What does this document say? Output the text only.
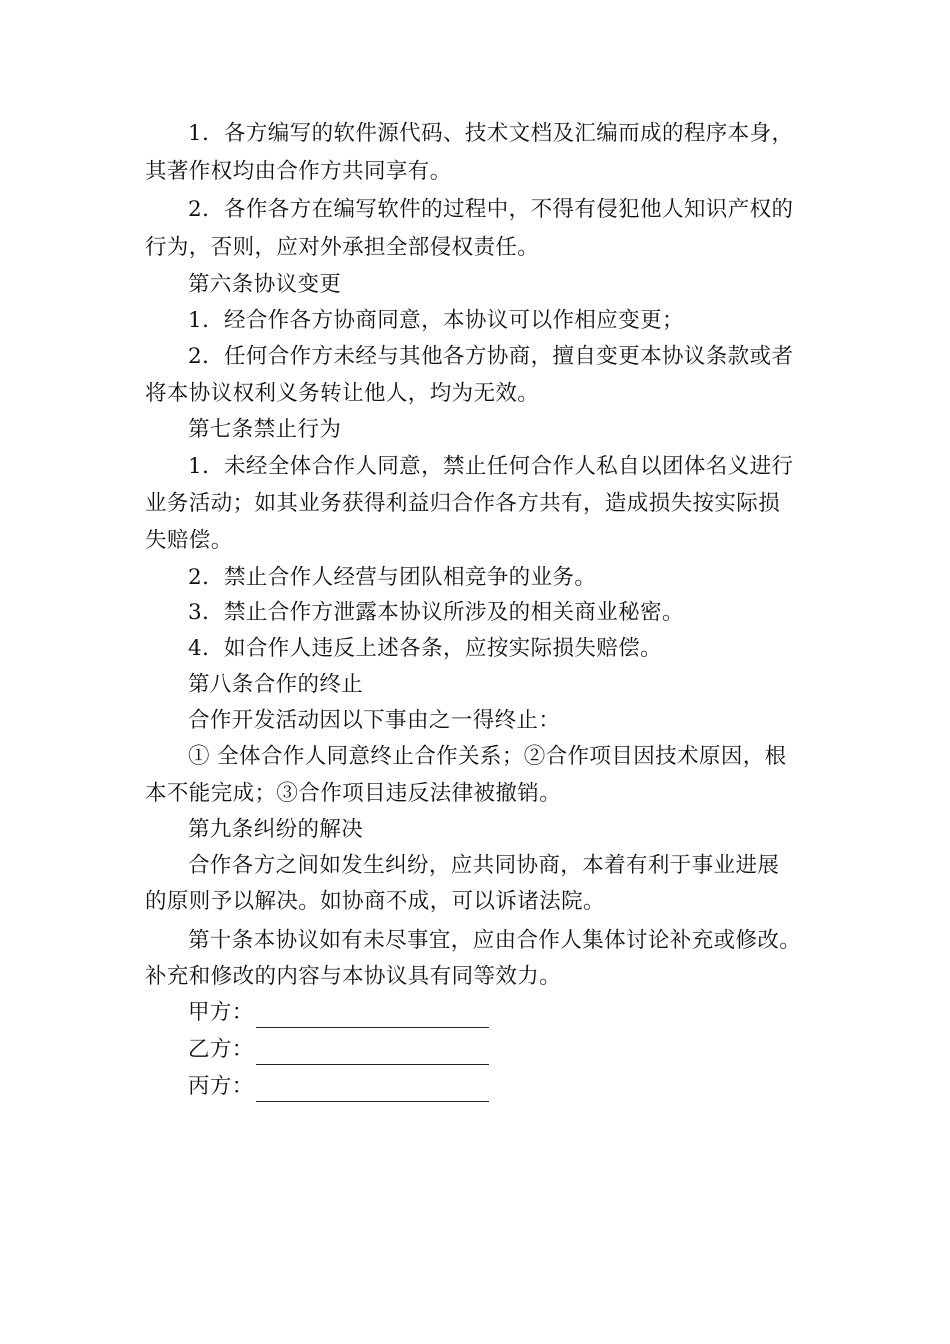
1．各方编写的软件源代码、技术文档及汇编而成的程序本身，
其著作权均由合作方共同享有。
2．各作各方在编写软件的过程中，不得有侵犯他人知识产权的
行为，否则，应对外承担全部侵权责任。
第六条协议变更
1．经合作各方协商同意，本协议可以作相应变更；
2．任何合作方未经与其他各方协商，擅自变更本协议条款或者
将本协议权利义务转让他人，均为无效。
第七条禁止行为
1．未经全体合作人同意，禁止任何合作人私自以团体名义进行
业务活动；如其业务获得利益归合作各方共有，造成损失按实际损
失赔偿。
2．禁止合作人经营与团队相竞争的业务。
3．禁止合作方泄露本协议所涉及的相关商业秘密。
4．如合作人违反上述各条，应按实际损失赔偿。
第八条合作的终止
合作开发活动因以下事由之一得终止：
① 全体合作人同意终止合作关系；②合作项目因技术原因，根
本不能完成；③合作项目违反法律被撤销。
第九条纠纷的解决
合作各方之间如发生纠纷，应共同协商，本着有利于事业进展
的原则予以解决。如协商不成，可以诉诸法院。
第十条本协议如有未尽事宜，应由合作人集体讨论补充或修改。
补充和修改的内容与本协议具有同等效力。
甲方：
乙方：
丙方：
